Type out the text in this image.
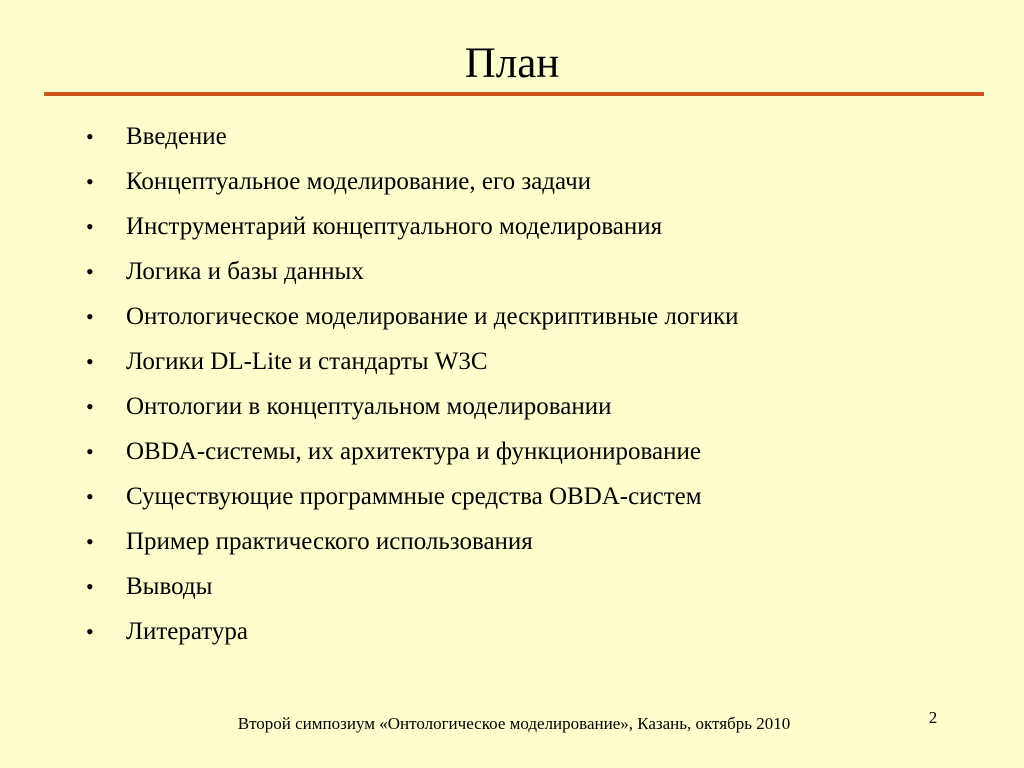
План
• Введение
• Концептуальное моделирование, его задачи
• Инструментарий концептуального моделирования
• Логика и базы данных
• Онтологическое моделирование и дескриптивные логики
• Логики DL-Lite и стандарты W3C
• Онтологии в концептуальном моделировании
• OBDA-системы, их архитектура и функционирование
• Существующие программные средства OBDA-систем
• Пример практического использования
• Выводы
• Литература
Второй симпозиум «Онтологическое моделирование», Казань, октябрь 2010	2
